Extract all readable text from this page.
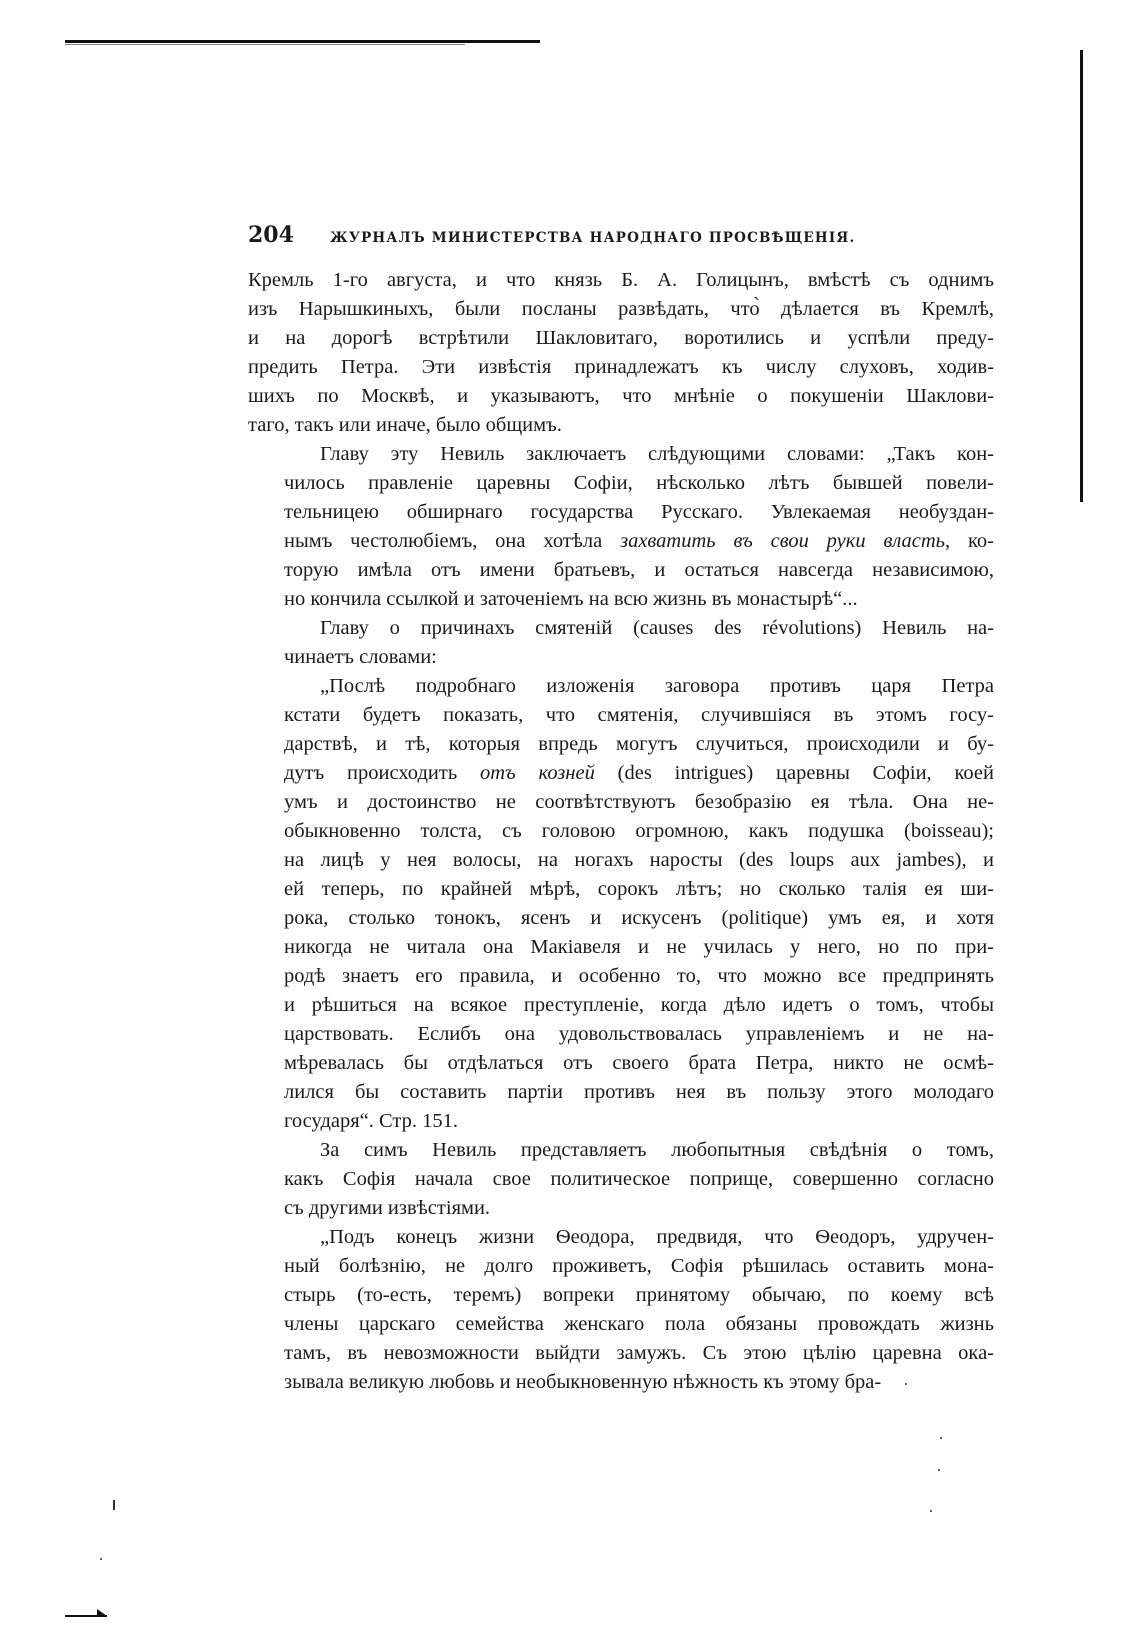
204	ЖУРНАЛЪ МИНИСТЕРСТВА НАРОДНАГО ПРОСВѢЩЕНІЯ.
Кремль 1-го августа, и что князь Б. А. Голицынъ, вмѣстѣ съ однимъ
изъ Нарышкиныхъ, были посланы развѣдать, что̀ дѣлается въ Кремлѣ,
и на дорогѣ встрѣтили Шакловитаго, воротились и успѣли преду-
предить Петра. Эти извѣстія принадлежатъ къ числу слуховъ, ходив-
шихъ по Москвѣ, и указываютъ, что мнѣніе о покушеніи Шаклови-
таго, такъ или иначе, было общимъ.
Главу эту Невиль заключаетъ слѣдующими словами: „Такъ кон-
чилось правленіе царевны Софіи, нѣсколько лѣтъ бывшей повели-
тельницею обширнаго государства Русскаго. Увлекаемая необуздан-
нымъ честолюбіемъ, она хотѣла захватить въ свои руки власть, ко-
торую имѣла отъ имени братьевъ, и остаться навсегда независимою,
но кончила ссылкой и заточеніемъ на всю жизнь въ монастырѣ“...
Главу о причинахъ смятеній (causes des révolutions) Невиль на-
чинаетъ словами:
„Послѣ подробнаго изложенія заговора противъ царя Петра
кстати будетъ показать, что смятенія, случившіяся въ этомъ госу-
дарствѣ, и тѣ, которыя впредь могутъ случиться, происходили и бу-
дутъ происходить отъ козней (des intrigues) царевны Софіи, коей
умъ и достоинство не соотвѣтствуютъ безобразію ея тѣла. Она не-
обыкновенно толста, съ головою огромною, какъ подушка (boisseau);
на лицѣ у нея волосы, на ногахъ наросты (des loups aux jambes), и
ей теперь, по крайней мѣрѣ, сорокъ лѣтъ; но сколько талія ея ши-
рока, столько тонокъ, ясенъ и искусенъ (politique) умъ ея, и хотя
никогда не читала она Макіавеля и не училась у него, но по при-
родѣ знаетъ его правила, и особенно то, что можно все предпринять
и рѣшиться на всякое преступленіе, когда дѣло идетъ о томъ, чтобы
царствовать. Еслибъ она удовольствовалась управленіемъ и не на-
мѣревалась бы отдѣлаться отъ своего брата Петра, никто не осмѣ-
лился бы составить партіи противъ нея въ пользу этого молодаго
государя“. Стр. 151.
За симъ Невиль представляетъ любопытныя свѣдѣнія о томъ,
какъ Софія начала свое политическое поприще, совершенно согласно
съ другими извѣстіями.
„Подъ конецъ жизни Ѳеодора, предвидя, что Ѳеодоръ, удручен-
ный болѣзнію, не долго проживетъ, Софія рѣшилась оставить мона-
стырь (то-есть, теремъ) вопреки принятому обычаю, по коему всѣ
члены царскаго семейства женскаго пола обязаны провождать жизнь
тамъ, въ невозможности выйдти замужъ. Съ этою цѣлію царевна ока-
зывала великую любовь и необыкновенную нѣжность къ этому бра-
